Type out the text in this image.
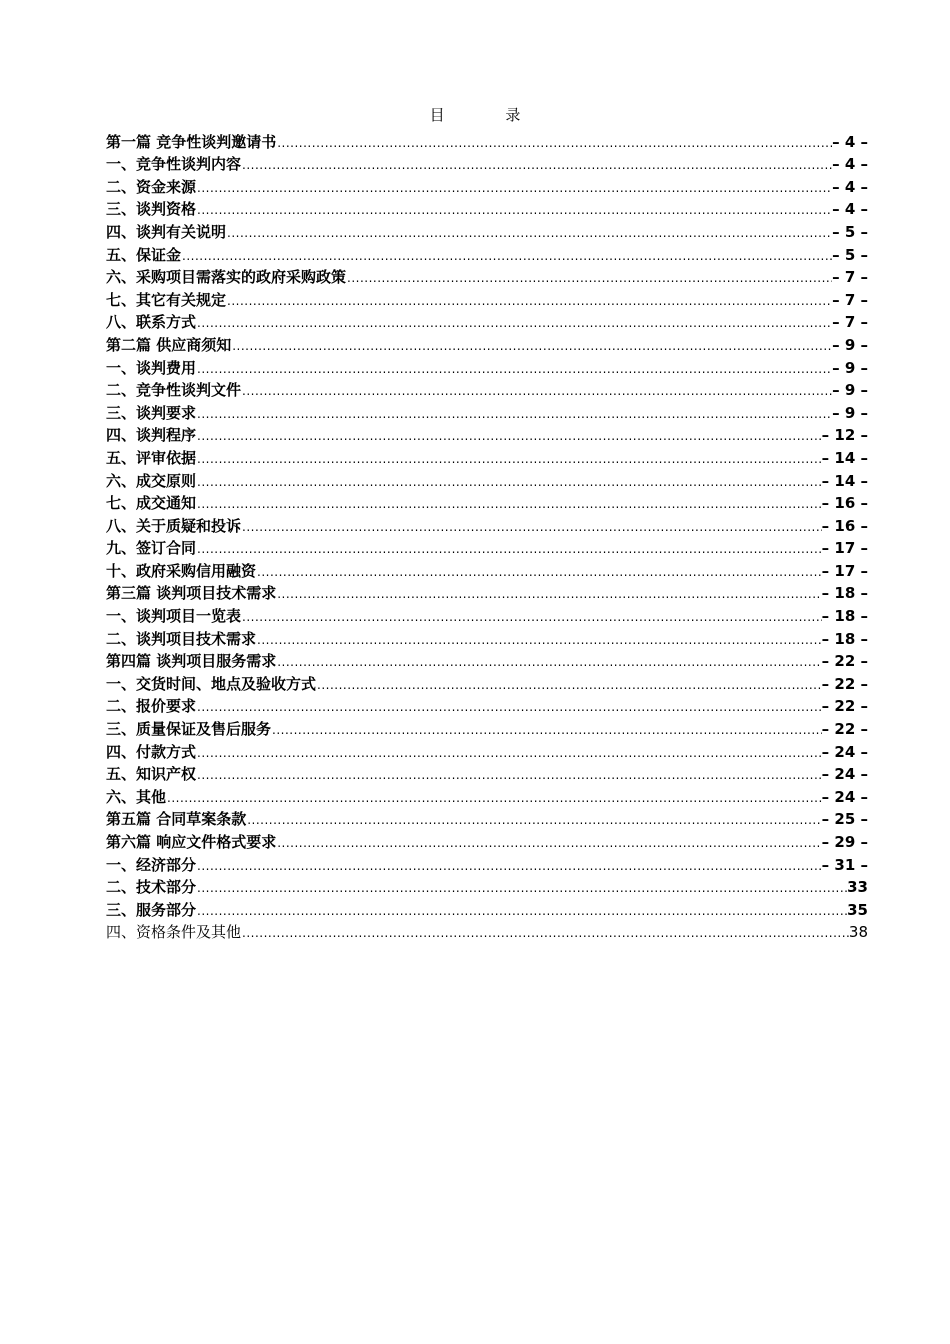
目 录
第一篇 竞争性谈判邀请书 .....	– 4 –
一、竞争性谈判内容 .....	– 4 –
二、资金来源 .....	– 4 –
三、谈判资格 .....	– 4 –
四、谈判有关说明 .....	– 5 –
五、保证金 .....	– 5 –
六、采购项目需落实的政府采购政策 .....	– 7 –
七、其它有关规定 .....	– 7 –
八、联系方式 .....	– 7 –
第二篇 供应商须知 .....	– 9 –
一、谈判费用 .....	– 9 –
二、竞争性谈判文件 .....	– 9 –
三、谈判要求 .....	– 9 –
四、谈判程序 .....	– 12 –
五、评审依据 .....	– 14 –
六、成交原则 .....	– 14 –
七、成交通知 .....	– 16 –
八、关于质疑和投诉 .....	– 16 –
九、签订合同 .....	– 17 –
十、政府采购信用融资 .....	– 17 –
第三篇 谈判项目技术需求 .....	– 18 –
一、谈判项目一览表 .....	– 18 –
二、谈判项目技术需求 .....	– 18 –
第四篇 谈判项目服务需求 .....	– 22 –
一、交货时间、地点及验收方式 .....	– 22 –
二、报价要求 .....	– 22 –
三、质量保证及售后服务 .....	– 22 –
四、付款方式 .....	– 24 –
五、知识产权 .....	– 24 –
六、其他 .....	– 24 –
第五篇 合同草案条款 .....	– 25 –
第六篇 响应文件格式要求 .....	– 29 –
一、经济部分 .....	– 31 –
二、技术部分 .....	33
三、服务部分 .....	35
四、资格条件及其他 .....	38
